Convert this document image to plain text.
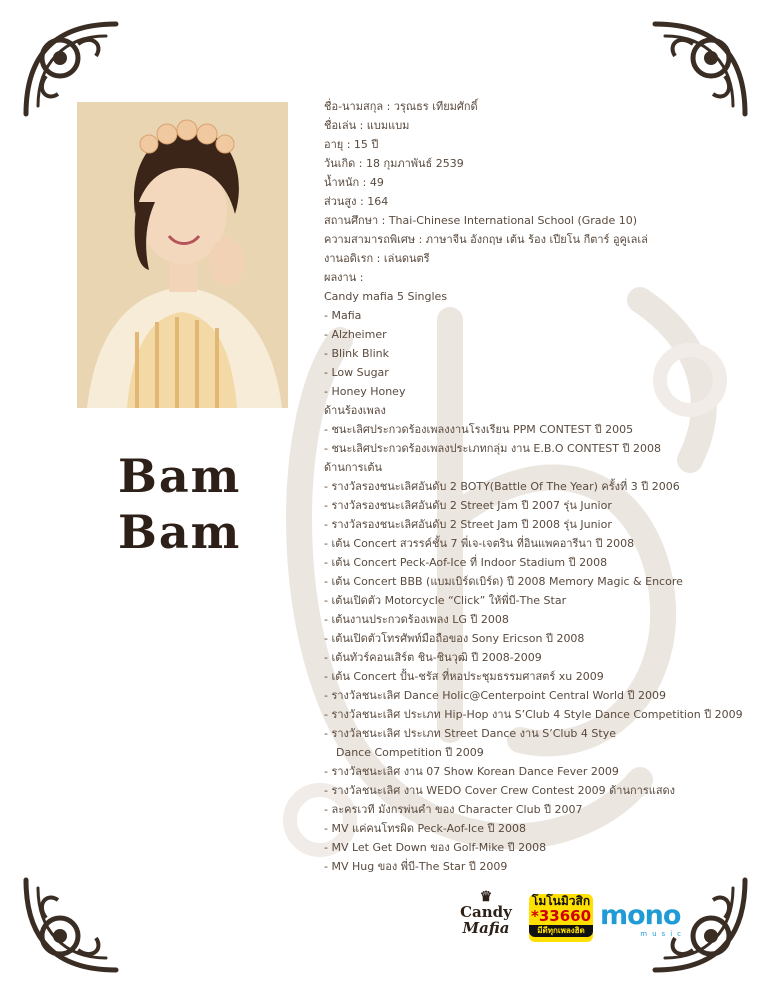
Bam
Bam
ชื่อ-นามสกุล : วรุณธร เทียมศักดิ์
ชื่อเล่น : แบมแบม
อายุ : 15 ปี
วันเกิด : 18 กุมภาพันธ์ 2539
น้ำหนัก : 49
ส่วนสูง : 164
สถานศึกษา : Thai-Chinese International School (Grade 10)
ความสามารถพิเศษ : ภาษาจีน อังกฤษ เต้น ร้อง เปียโน กีตาร์ อูคูเลเล่
งานอดิเรก : เล่นดนตรี
ผลงาน :
Candy mafia 5 Singles
- Mafia
- Alzheimer
- Blink Blink
- Low Sugar
- Honey Honey
ด้านร้องเพลง
- ชนะเลิศประกวดร้องเพลงงานโรงเรียน PPM CONTEST ปี 2005
- ชนะเลิศประกวดร้องเพลงประเภทกลุ่ม งาน E.B.O CONTEST ปี 2008
ด้านการเต้น
- รางวัลรองชนะเลิศอันดับ 2 BOTY(Battle Of The Year) ครั้งที่ 3 ปี 2006
- รางวัลรองชนะเลิศอันดับ 2 Street Jam ปี 2007 รุ่น Junior
- รางวัลรองชนะเลิศอันดับ 2 Street Jam ปี 2008 รุ่น Junior
- เต้น Concert สวรรค์ชั้น 7 พี่เจ-เจตริน ที่อินแพคอารีนา ปี 2008
- เต้น Concert Peck-Aof-Ice ที่ Indoor Stadium ปี 2008
- เต้น Concert BBB (แบมเบิร์ดเบิร์ด) ปี 2008 Memory Magic & Encore
- เต้นเปิดตัว Motorcycle “Click” ให้พี่บี-The Star
- เต้นงานประกวดร้องเพลง LG ปี 2008
- เต้นเปิดตัวโทรศัพท์มือถือของ Sony Ericson ปี 2008
- เต้นทัวร์คอนเสิร์ต ชิน-ชินวุฒิ ปี 2008-2009
- เต้น Concert ปั้น-ชรัส ที่หอประชุมธรรมศาสตร์ xu 2009
- รางวัลชนะเลิศ Dance Holic@Centerpoint Central World ปี 2009
- รางวัลชนะเลิศ ประเภท Hip-Hop งาน S’Club 4 Style Dance Competition ปี 2009
- รางวัลชนะเลิศ ประเภท Street Dance งาน S’Club 4 Stye
Dance Competition ปี 2009
- รางวัลชนะเลิศ งาน 07 Show Korean Dance Fever 2009
- รางวัลชนะเลิศ งาน WEDO Cover Crew Contest 2009 ด้านการแสดง
- ละครเวที มังกรพ่นคำ ของ Character Club ปี 2007
- MV แค่คนโทรผิด Peck-Aof-Ice ปี 2008
- MV Let Get Down ของ Golf-Mike ปี 2008
- MV Hug ของ พี่บี-The Star ปี 2009
♛
Candy
Mafia
โมโนมิวสิก
*33660
มีดีทุกเพลงฮิต mono
music
